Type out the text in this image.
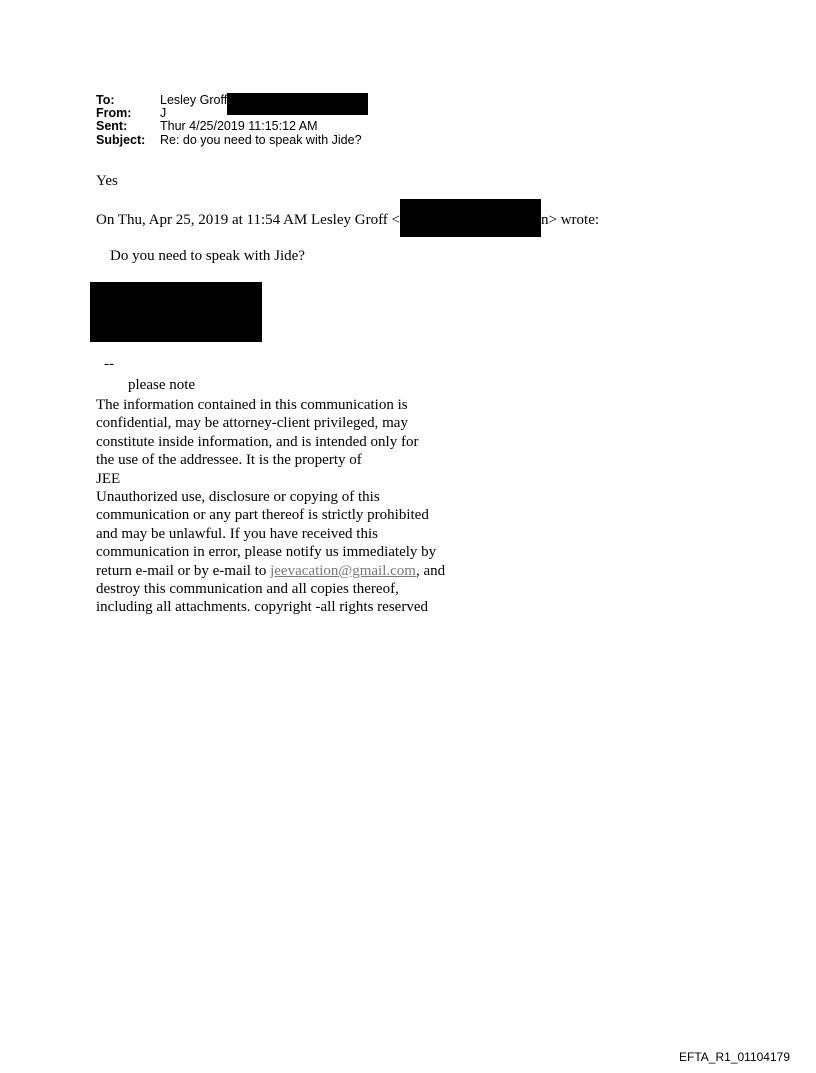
To:	Lesley Groff
From: J
Sent:	Thur 4/25/2019 11:15:12 AM
Subject: Re: do you need to speak with Jide?
Yes
On Thu, Apr 25, 2019 at 11:54 AM Lesley Groff <	n> wrote:
Do you need to speak with Jide?
--
please note
The information contained in this communication is
confidential, may be attorney-client privileged, may
constitute inside information, and is intended only for
the use of the addressee. It is the property of
JEE
Unauthorized use, disclosure or copying of this
communication or any part thereof is strictly prohibited
and may be unlawful. If you have received this
communication in error, please notify us immediately by
return e-mail or by e-mail to jeevacation@gmail.com, and
destroy this communication and all copies thereof,
including all attachments. copyright -all rights reserved
EFTA_R1_01104179
